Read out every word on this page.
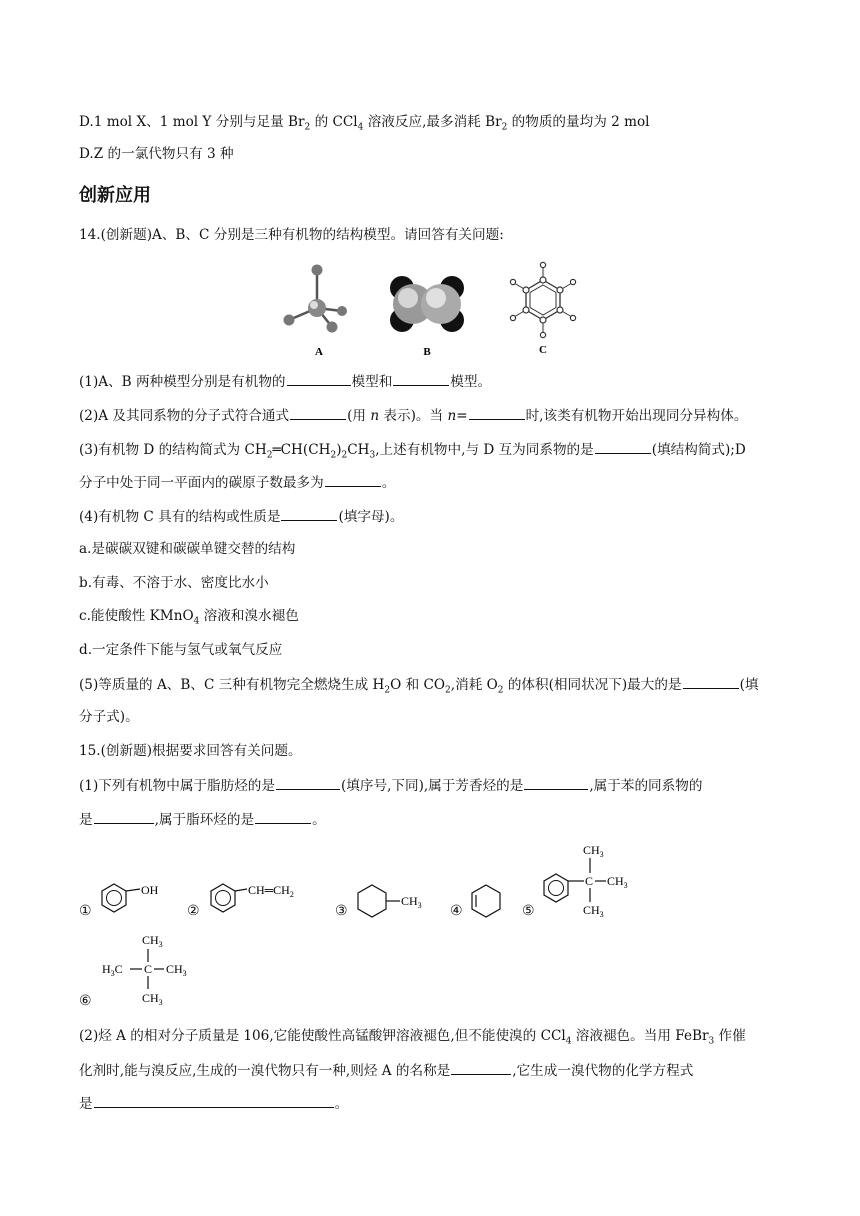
D.1 mol X、1 mol Y 分别与足量 $Br_2$ 的 CCl$_4$ 溶液反应,最多消耗 $Br_2$ 的物质的量均为 2 mol
D.Z 的一氯代物只有 3 种
创新应用
14.(创新题)A、B、C 分别是三种有机物的结构模型。请回答有关问题:
A	B	C
(1)A、B 两种模型分别是有机物的	模型和	模型。
(2)A 及其同系物的分子式符合通式	(用 n 表示)。当 n=	时,该类有机物开始出现同分异构体。
(3)有机物 D 的结构简式为 $CH_2═CH(CH_2)_2CH_3$,上述有机物中,与 D 互为同系物的是	(填结构简式);D
分子中处于同一平面内的碳原子数最多为	。
(4)有机物 C 具有的结构或性质是	(填字母)。
a.是碳碳双键和碳碳单键交替的结构
b.有毒、不溶于水、密度比水小
c.能使酸性 KMnO$_4$ 溶液和溴水褪色
d.一定条件下能与氢气或氧气反应
(5)等质量的 A、B、C 三种有机物完全燃烧生成 $H_2O$ 和 $CO_2$,消耗 $O_2$ 的体积(相同状况下)最大的是	(填
分子式)。
15.(创新题)根据要求回答有关问题。
(1)下列有机物中属于脂肪烃的是	(填序号,下同),属于芳香烃的是	,属于苯的同系物的
是	,属于脂环烃的是	。
①
OH
②
$CH═CH_2$
③
$CH_3$ ④	⑤
C
$CH_3$
$CH_3$
$CH_3$
$CH_3$
$H_3C$ C $CH_3$
$CH_3$
⑥
(2)烃 A 的相对分子质量是 106,它能使酸性高锰酸钾溶液褪色,但不能使溴的 CCl$_4$ 溶液褪色。当用 FeBr$_3$ 作催
化剂时,能与溴反应,生成的一溴代物只有一种,则烃 A 的名称是	,它生成一溴代物的化学方程式
是	。
